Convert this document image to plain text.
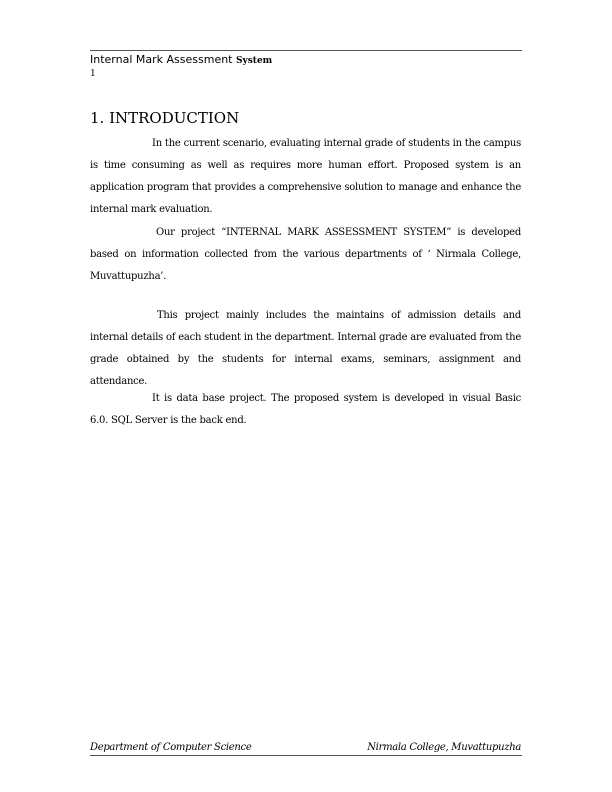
Internal Mark Assessment System
1
1. INTRODUCTION

In the current scenario, evaluating internal grade of students in the campus is time consuming as well as requires more human effort. Proposed system is an application program that provides a comprehensive solution to manage and enhance the internal mark evaluation.

Our project “INTERNAL MARK ASSESSMENT SYSTEM” is developed based on information collected from the various departments of ‘ Nirmala College, Muvattupuzha’.

This project mainly includes the maintains of admission details and internal details of each student in the department. Internal grade are evaluated from the grade obtained by the students for internal exams, seminars, assignment and attendance.

It is data base project. The proposed system is developed in visual Basic 6.0. SQL Server is the back end.

Department of Computer Science	Nirmala College, Muvattupuzha
